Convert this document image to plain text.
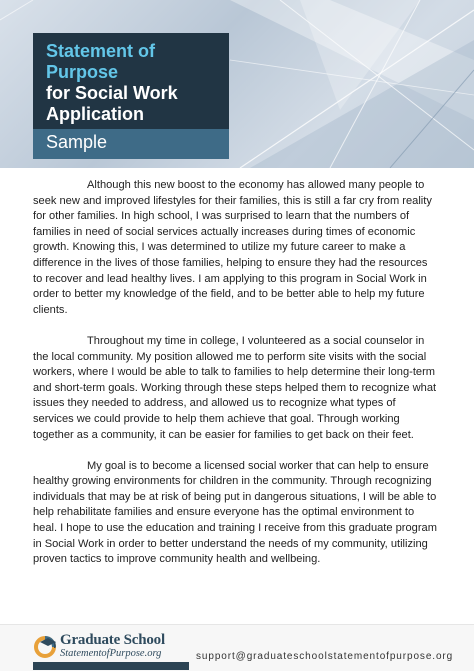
Statement of
Purpose
for Social Work
Application
Sample

Although this new boost to the economy has allowed many people to seek new and improved lifestyles for their families, this is still a far cry from reality for other families. In high school, I was surprised to learn that the numbers of families in need of social services actually increases during times of economic growth. Knowing this, I was determined to utilize my future career to make a difference in the lives of those families, helping to ensure they had the resources to recover and lead healthy lives. I am applying to this program in Social Work in order to better my knowledge of the field, and to be better able to help my future clients.

Throughout my time in college, I volunteered as a social counselor in the local community. My position allowed me to perform site visits with the social workers, where I would be able to talk to families to help determine their long-term and short-term goals. Working through these steps helped them to recognize what issues they needed to address, and allowed us to recognize what types of services we could provide to help them achieve that goal. Through working together as a community, it can be easier for families to get back on their feet.

My goal is to become a licensed social worker that can help to ensure healthy growing environments for children in the community. Through recognizing individuals that may be at risk of being put in dangerous situations, I will be able to help rehabilitate families and ensure everyone has the optimal environment to heal. I hope to use the education and training I receive from this graduate program in Social Work in order to better understand the needs of my community, utilizing proven tactics to improve community health and wellbeing.

Graduate School
StatementofPurpose.org	support@graduateschoolstatementofpurpose.org
